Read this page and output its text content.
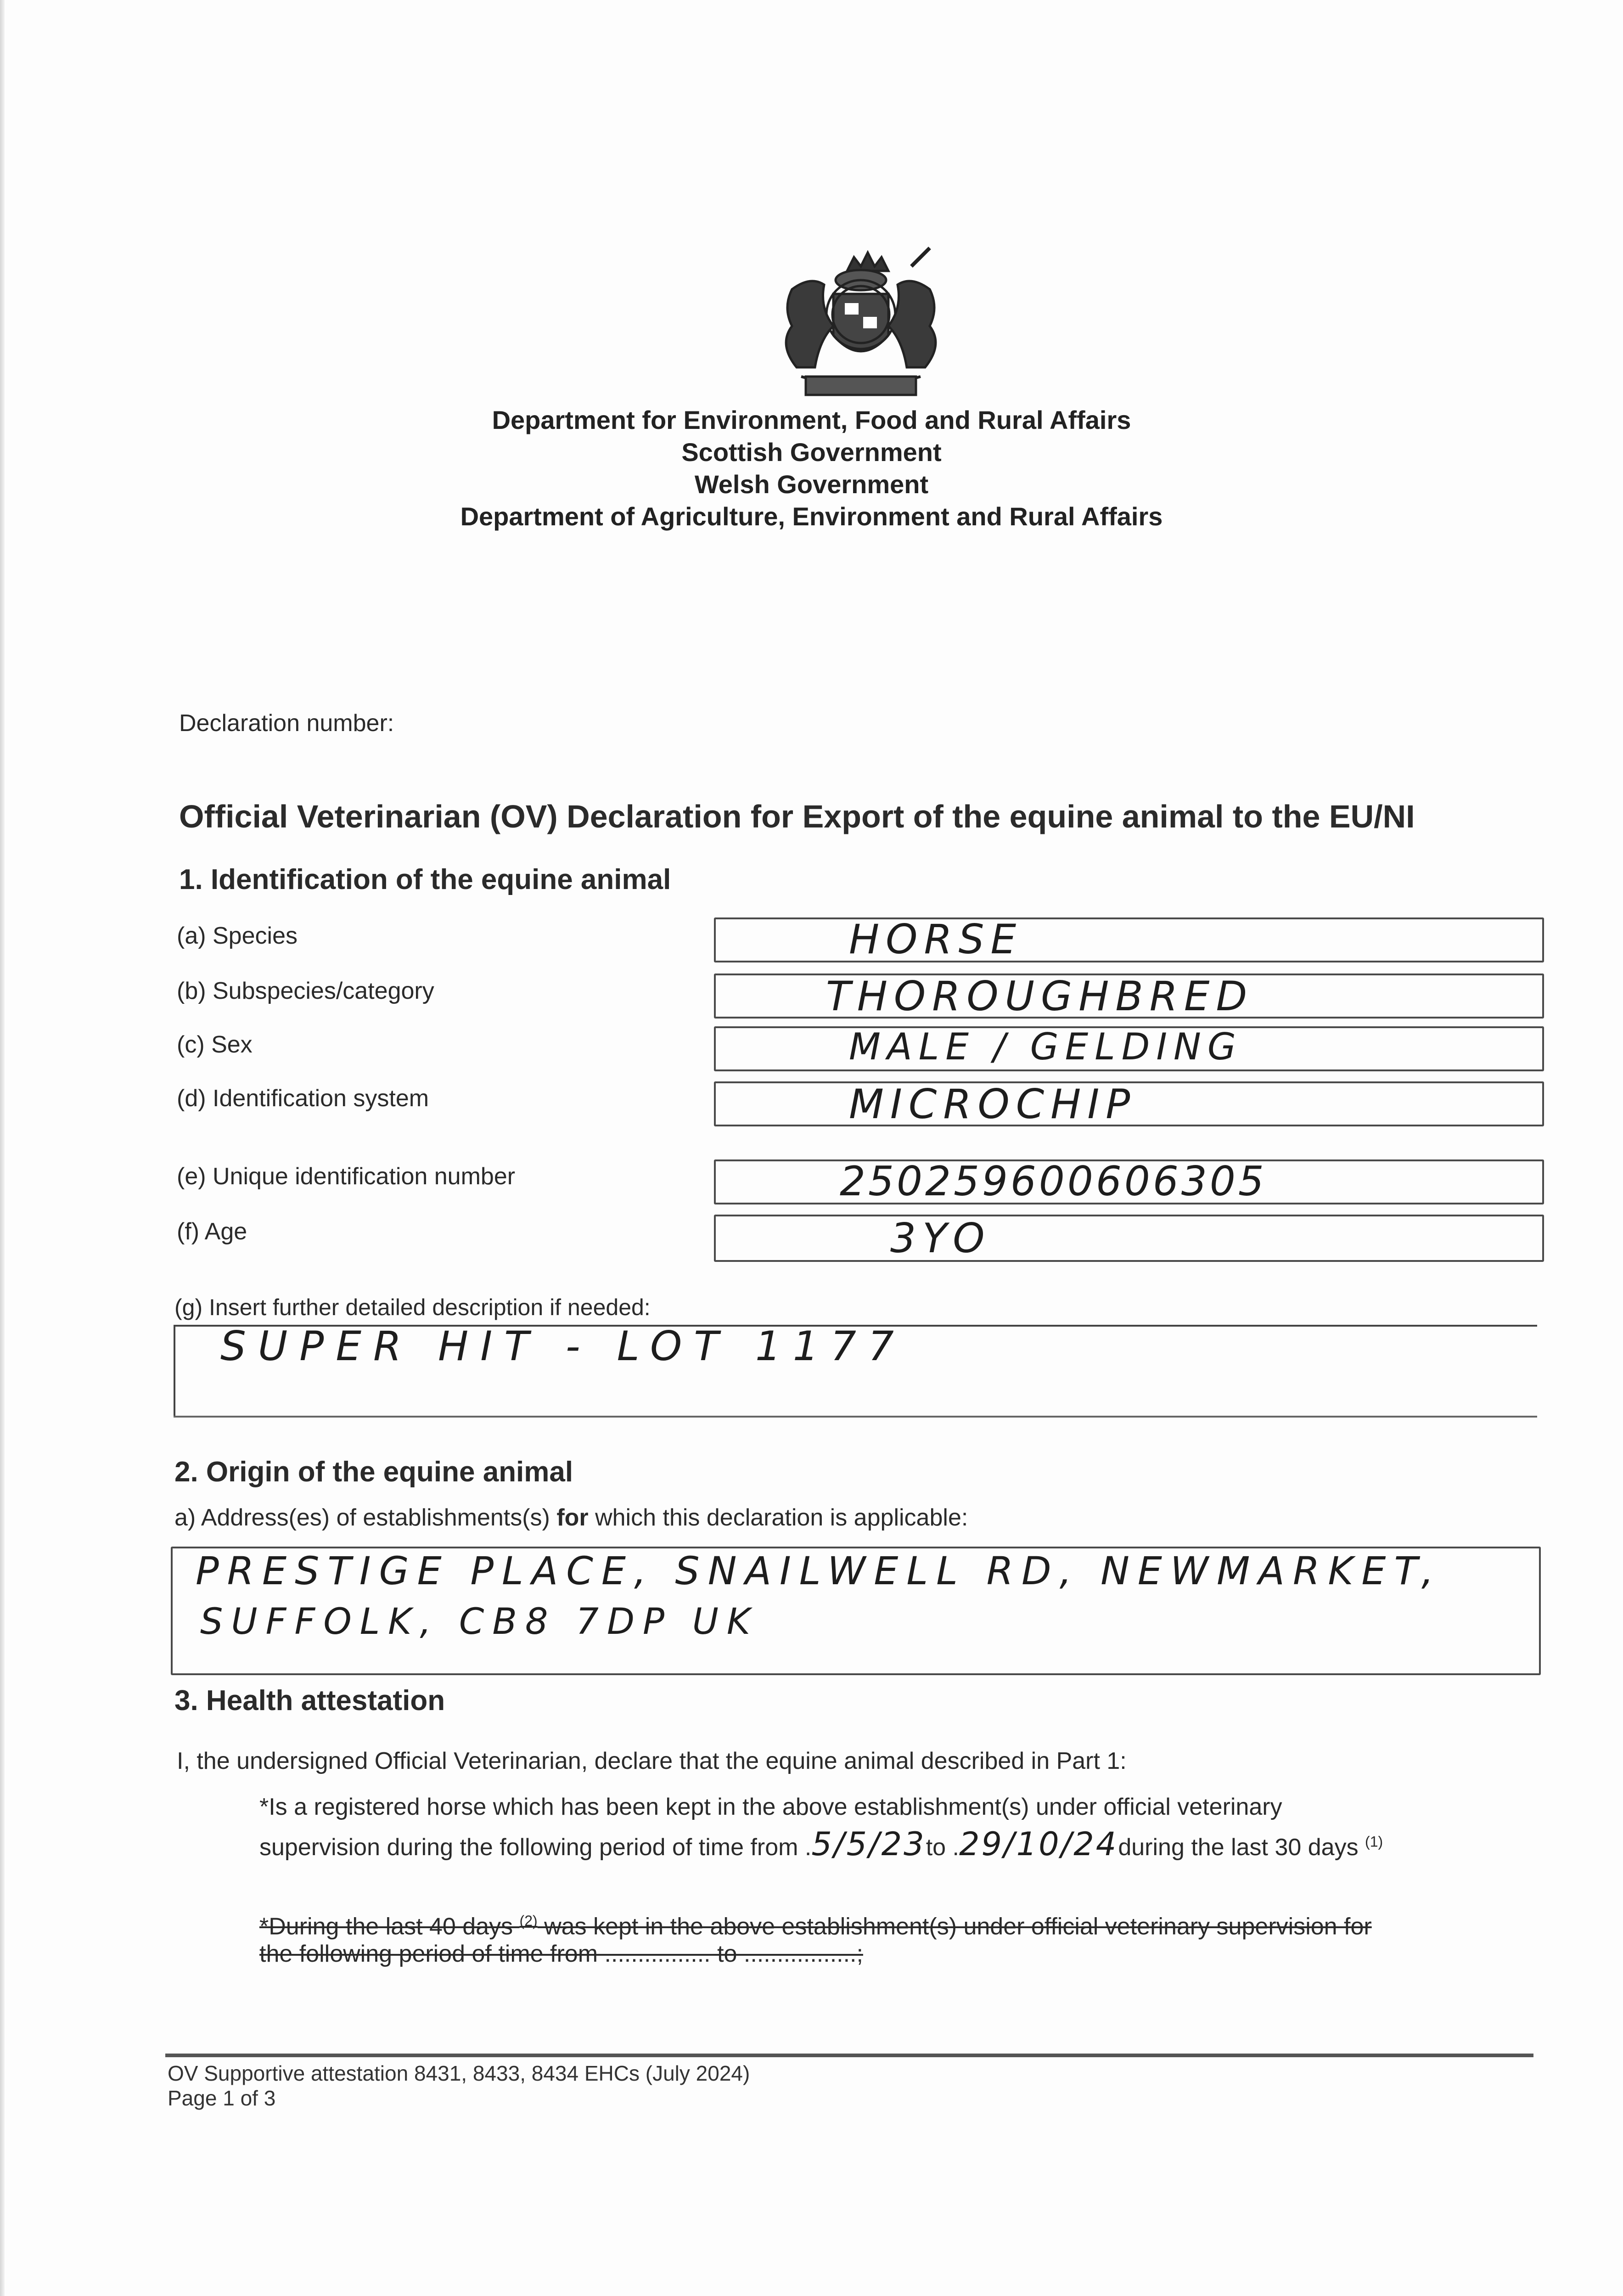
Department for Environment, Food and Rural Affairs
Scottish Government
Welsh Government
Department of Agriculture, Environment and Rural Affairs
Declaration number:
Official Veterinarian (OV) Declaration for Export of the equine animal to the EU/NI
1. Identification of the equine animal
(a) Species	HORSE
(b) Subspecies/category	THOROUGHBRED
(c) Sex	MALE / GELDING
(d) Identification system	MICROCHIP
(e) Unique identification number	250259600606305
(f) Age	3YO
(g) Insert further detailed description if needed:
SUPER HIT - LOT 1177
2. Origin of the equine animal
a) Address(es) of establishments(s) for which this declaration is applicable:
PRESTIGE PLACE, SNAILWELL RD, NEWMARKET,
SUFFOLK, CB8 7DP UK
3. Health attestation
I, the undersigned Official Veterinarian, declare that the equine animal described in Part 1:
*Is a registered horse which has been kept in the above establishment(s) under official veterinary
supervision during the following period of time from .5/5/23to .29/10/24during the last 30 days $^{(1)}$
*During the last 40 days $^{(2)}$ was kept in the above establishment(s) under official veterinary supervision for
the following period of time from ................ to .................;
OV Supportive attestation 8431, 8433, 8434 EHCs (July 2024)
Page 1 of 3
